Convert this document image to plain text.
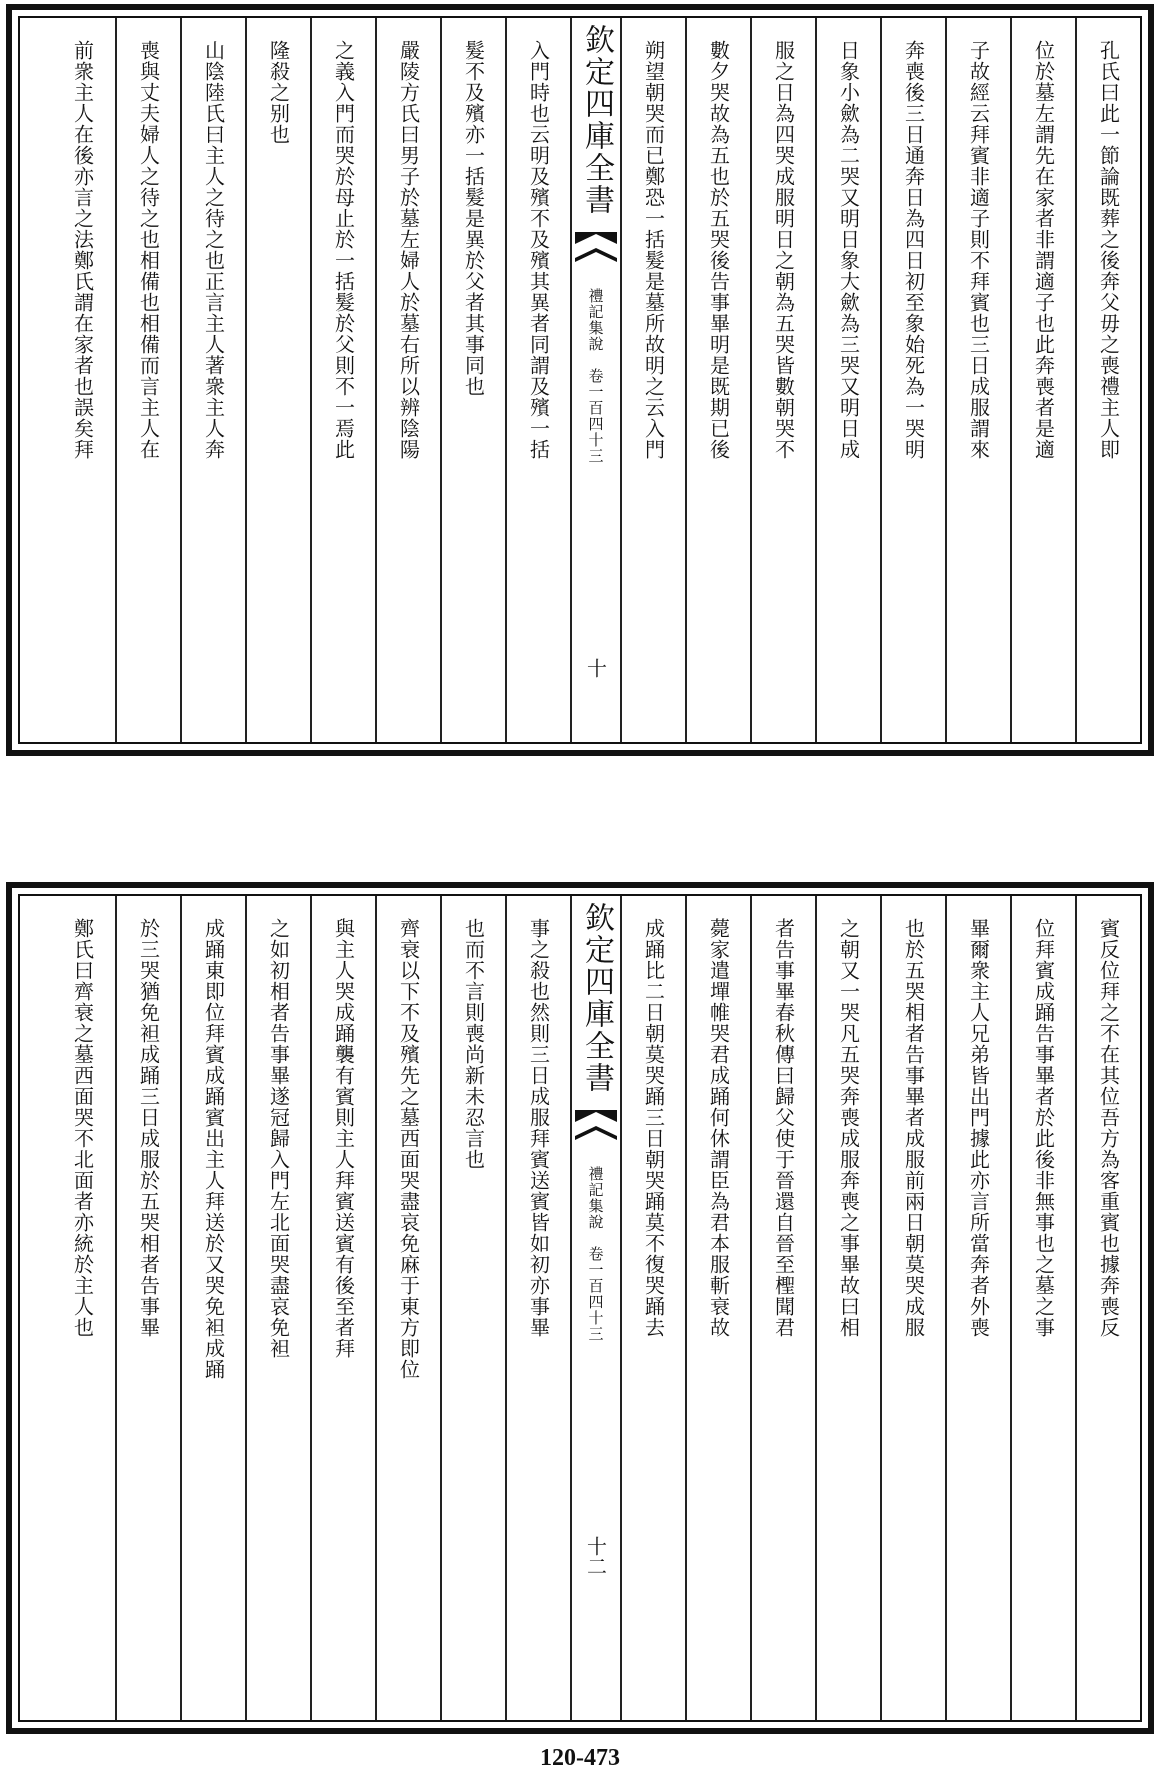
孔氏曰此一節論既葬之後奔父毋之喪禮主人即
位於墓左謂先在家者非謂適子也此奔喪者是適
子故經云拜賓非適子則不拜賓也三日成服謂來
奔喪後三日通奔日為四日初至象始死為一哭明
日象小歛為二哭又明日象大歛為三哭又明日成
服之日為四哭成服明日之朝為五哭皆數朝哭不
數夕哭故為五也於五哭後告事畢明是既期已後
朔望朝哭而已鄭恐一括髮是墓所故明之云入門
欽定四庫全書
禮記集說　卷一百四十三
十
入門時也云明及殯不及殯其異者同謂及殯一括
髮不及殯亦一括髮是異於父者其事同也
嚴陵方氏曰男子於墓左婦人於墓右所以辨陰陽
之義入門而哭於母止於一括髮於父則不一焉此
隆殺之别也
山陰陸氏曰主人之待之也正言主人著衆主人奔
喪與丈夫婦人之待之也相備也相備而言主人在
前衆主人在後亦言之法鄭氏謂在家者也誤矣拜
賓反位拜之不在其位吾方為客重賓也據奔喪反
位拜賓成踊告事畢者於此後非無事也之墓之事
畢爾衆主人兄弟皆出門據此亦言所當奔者外喪
也於五哭相者告事畢者成服前兩日朝莫哭成服
之朝又一哭凡五哭奔喪成服奔喪之事畢故曰相
者告事畢春秋傳曰歸父使于晉還自晉至檉聞君
薨家遣墠帷哭君成踊何休謂臣為君本服斬衰故
成踊比二日朝莫哭踊三日朝哭踊莫不復哭踊去
欽定四庫全書
禮記集說　卷一百四十三
十二
事之殺也然則三日成服拜賓送賓皆如初亦事畢
也而不言則喪尚新未忍言也
齊衰以下不及殯先之墓西面哭盡哀免麻于東方即位
與主人哭成踊襲有賓則主人拜賓送賓有後至者拜
之如初相者告事畢遂冠歸入門左北面哭盡哀免袒
成踊東即位拜賓成踊賓出主人拜送於又哭免袒成踊
於三哭猶免袒成踊三日成服於五哭相者告事畢
鄭氏曰齊衰之墓西面哭不北面者亦統於主人也
120-473
